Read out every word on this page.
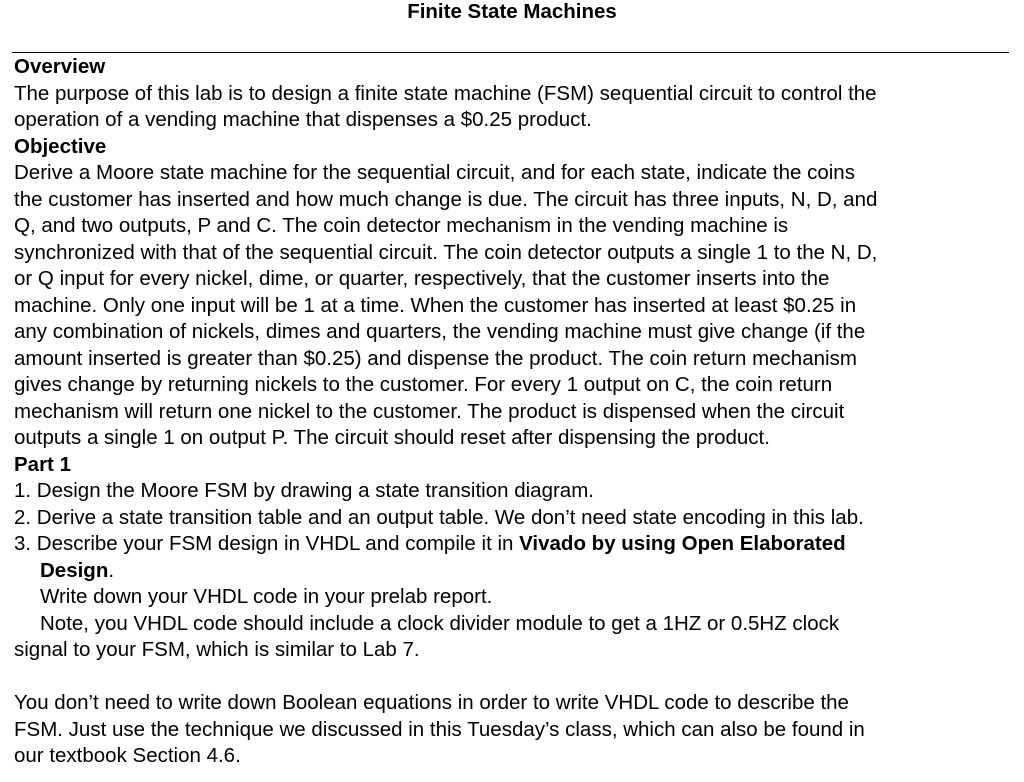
Finite State Machines
Overview
The purpose of this lab is to design a finite state machine (FSM) sequential circuit to control the
operation of a vending machine that dispenses a $0.25 product.
Objective
Derive a Moore state machine for the sequential circuit, and for each state, indicate the coins
the customer has inserted and how much change is due. The circuit has three inputs, N, D, and
Q, and two outputs, P and C. The coin detector mechanism in the vending machine is
synchronized with that of the sequential circuit. The coin detector outputs a single 1 to the N, D,
or Q input for every nickel, dime, or quarter, respectively, that the customer inserts into the
machine. Only one input will be 1 at a time. When the customer has inserted at least $0.25 in
any combination of nickels, dimes and quarters, the vending machine must give change (if the
amount inserted is greater than $0.25) and dispense the product. The coin return mechanism
gives change by returning nickels to the customer. For every 1 output on C, the coin return
mechanism will return one nickel to the customer. The product is dispensed when the circuit
outputs a single 1 on output P. The circuit should reset after dispensing the product.
Part 1
1. Design the Moore FSM by drawing a state transition diagram.
2. Derive a state transition table and an output table. We don’t need state encoding in this lab.
3. Describe your FSM design in VHDL and compile it in Vivado by using Open Elaborated
Design.
Write down your VHDL code in your prelab report.
Note, you VHDL code should include a clock divider module to get a 1HZ or 0.5HZ clock
signal to your FSM, which is similar to Lab 7.
You don’t need to write down Boolean equations in order to write VHDL code to describe the
FSM. Just use the technique we discussed in this Tuesday’s class, which can also be found in
our textbook Section 4.6.
